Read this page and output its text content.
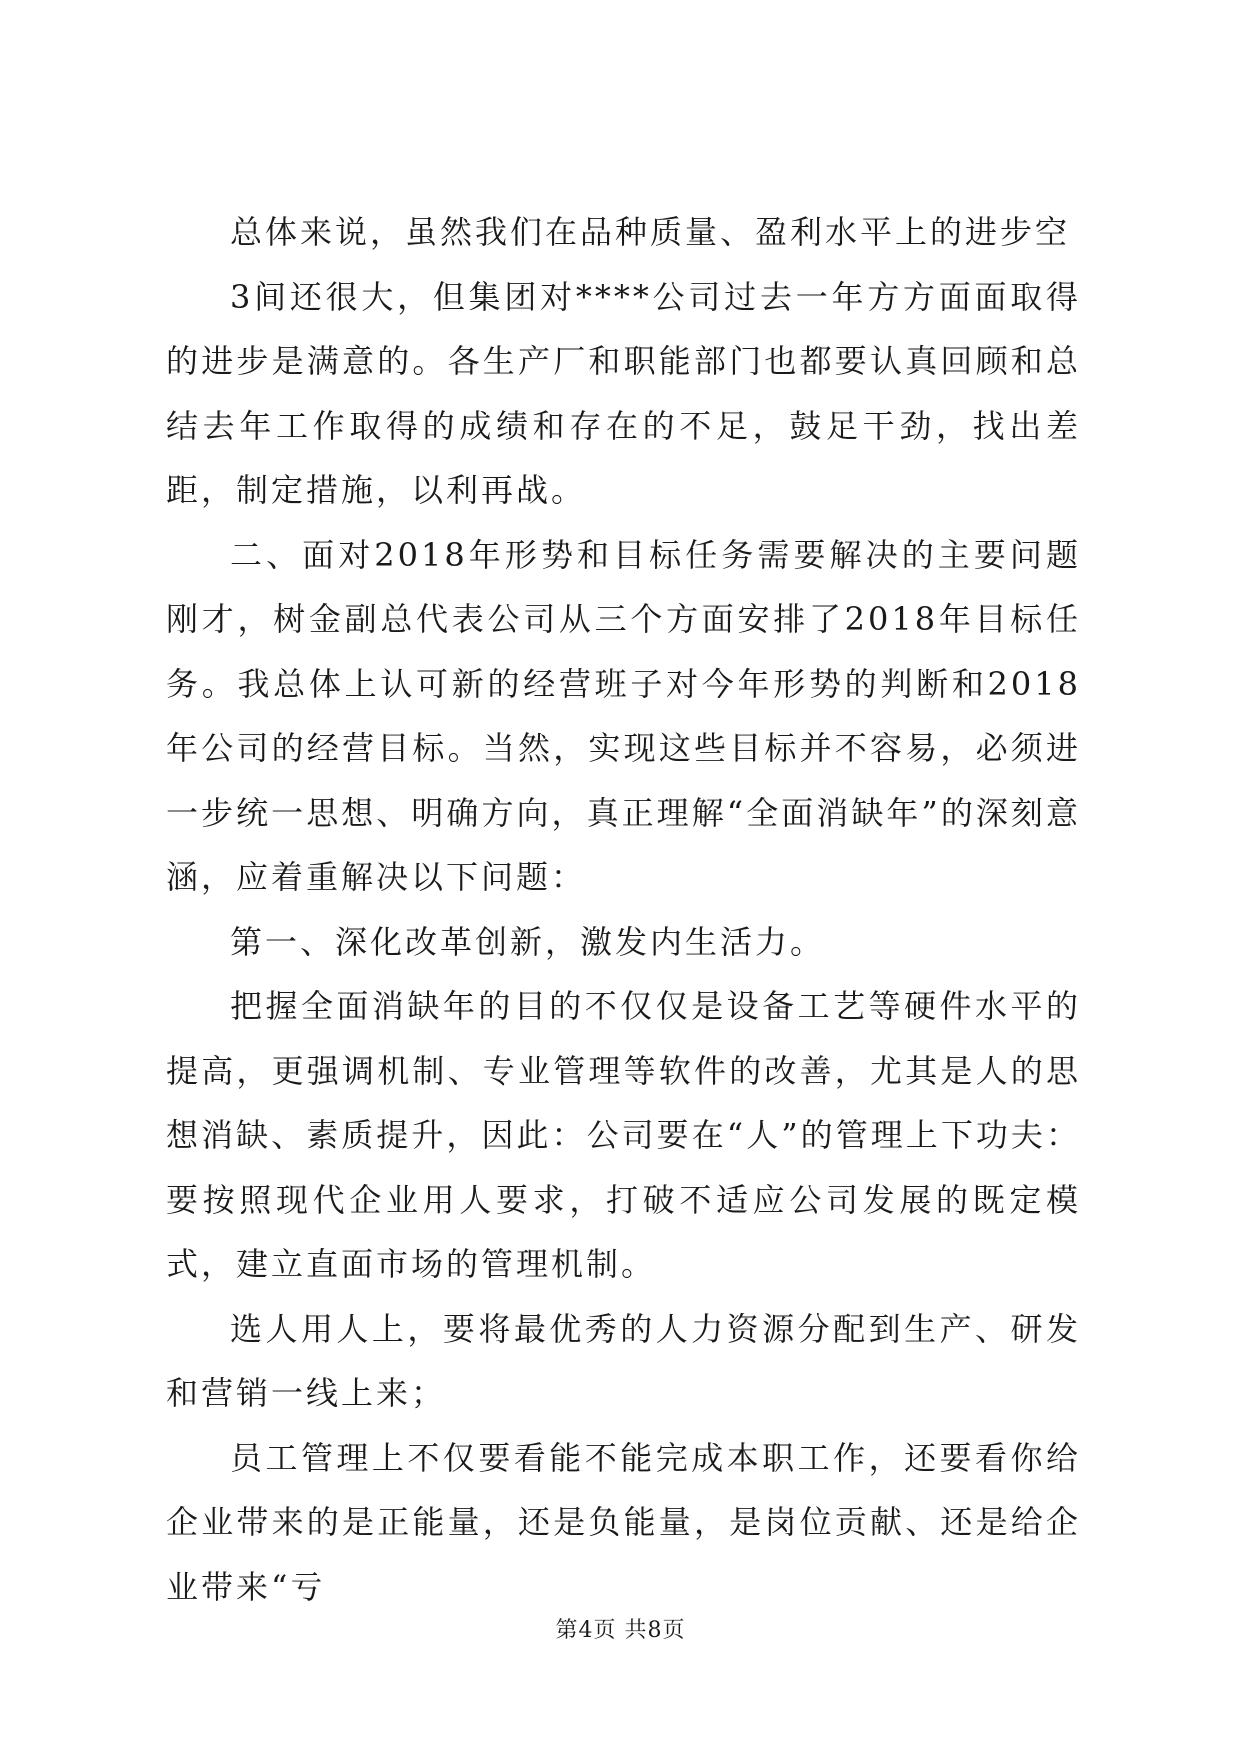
总体来说，虽然我们在品种质量、盈利水平上的进步空

3间还很大，但集团对****公司过去一年方方面面取得的进步是满意的。各生产厂和职能部门也都要认真回顾和总结去年工作取得的成绩和存在的不足，鼓足干劲，找出差距，制定措施，以利再战。

二、面对2018年形势和目标任务需要解决的主要问题刚才，树金副总代表公司从三个方面安排了2018年目标任务。我总体上认可新的经营班子对今年形势的判断和2018年公司的经营目标。当然，实现这些目标并不容易，必须进一步统一思想、明确方向，真正理解“全面消缺年”的深刻意涵，应着重解决以下问题：

第一、深化改革创新，激发内生活力。

把握全面消缺年的目的不仅仅是设备工艺等硬件水平的提高，更强调机制、专业管理等软件的改善，尤其是人的思想消缺、素质提升，因此：公司要在“人”的管理上下功夫：要按照现代企业用人要求，打破不适应公司发展的既定模式，建立直面市场的管理机制。

选人用人上，要将最优秀的人力资源分配到生产、研发和营销一线上来；

员工管理上不仅要看能不能完成本职工作，还要看你给企业带来的是正能量，还是负能量，是岗位贡献、还是给企业带来“亏

第4页 共8页
